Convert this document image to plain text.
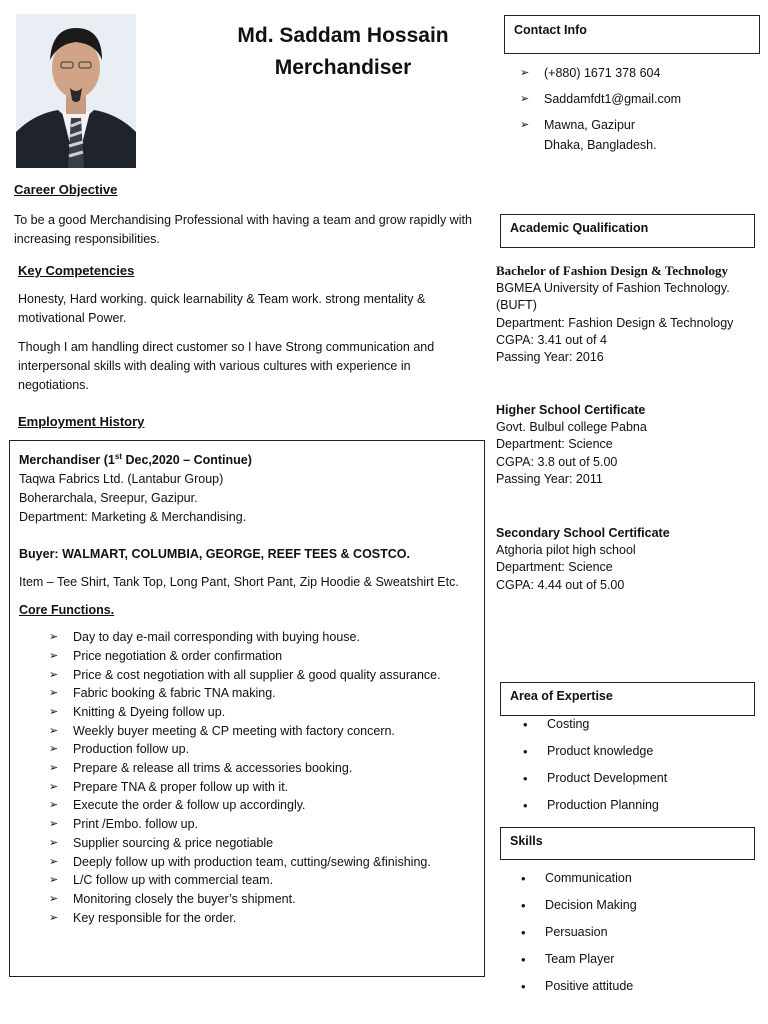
Md. Saddam Hossain
Merchandiser
Contact Info
➢ (+880) 1671 378 604
➢ Saddamfdt1@gmail.com
➢ Mawna, Gazipur
Dhaka, Bangladesh.
Career Objective

To be a good Merchandising Professional with having a team and grow rapidly with increasing responsibilities.

Key Competencies

Honesty, Hard working. quick learnability & Team work. strong mentality & motivational Power.

Though I am handling direct customer so I have Strong communication and interpersonal skills with dealing with various cultures with experience in negotiations.

Employment History
Merchandiser (1st Dec,2020 – Continue)

Taqwa Fabrics Ltd. (Lantabur Group)

Boherarchala, Sreepur, Gazipur.

Department: Marketing & Merchandising.

Buyer: WALMART, COLUMBIA, GEORGE, REEF TEES & COSTCO.

Item – Tee Shirt, Tank Top, Long Pant, Short Pant, Zip Hoodie & Sweatshirt Etc.

Core Functions.

➢ Day to day e-mail corresponding with buying house.
➢ Price negotiation & order confirmation
➢ Price & cost negotiation with all supplier & good quality assurance.
➢ Fabric booking & fabric TNA making.
➢ Knitting & Dyeing follow up.
➢ Weekly buyer meeting & CP meeting with factory concern.
➢ Production follow up.
➢ Prepare & release all trims & accessories booking.
➢ Prepare TNA & proper follow up with it.
➢ Execute the order & follow up accordingly.
➢ Print /Embo. follow up.
➢ Supplier sourcing & price negotiable
➢ Deeply follow up with production team, cutting/sewing &finishing.
➢ L/C follow up with commercial team.
➢ Monitoring closely the buyer’s shipment.
➢ Key responsible for the order.
Academic Qualification
Bachelor of Fashion Design & Technology
BGMEA University of Fashion Technology.
(BUFT)
Department: Fashion Design & Technology
CGPA: 3.41 out of 4
Passing Year: 2016
Higher School Certificate
Govt. Bulbul college Pabna
Department: Science
CGPA: 3.8 out of 5.00
Passing Year: 2011
Secondary School Certificate
Atghoria pilot high school
Department: Science
CGPA: 4.44 out of 5.00
Area of Expertise
• Costing
• Product knowledge
• Product Development
• Production Planning
Skills
• Communication
• Decision Making
• Persuasion
• Team Player
• Positive attitude
